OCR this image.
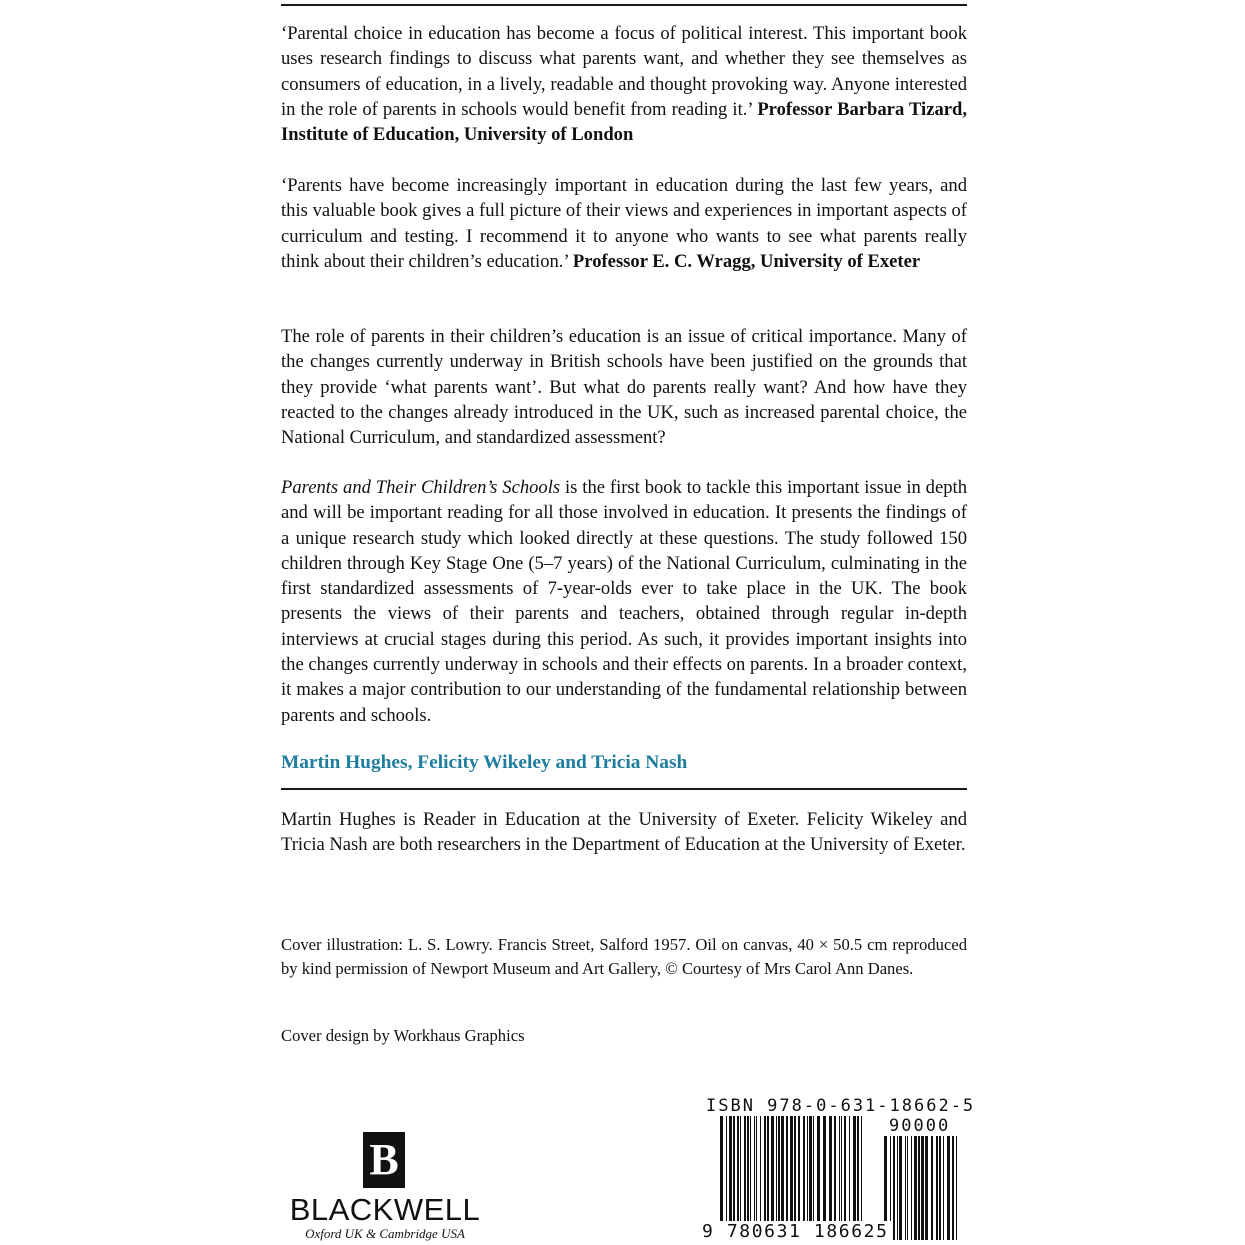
‘Parental choice in education has become a focus of political interest. This important book uses research findings to discuss what parents want, and whether they see themselves as consumers of education, in a lively, readable and thought provoking way. Anyone interested in the role of parents in schools would benefit from reading it.’ Professor Barbara Tizard, Institute of Education, University of London

‘Parents have become increasingly important in education during the last few years, and this valuable book gives a full picture of their views and experiences in important aspects of curriculum and testing. I recommend it to anyone who wants to see what parents really think about their children’s education.’ Professor E. C. Wragg, University of Exeter

The role of parents in their children’s education is an issue of critical importance. Many of the changes currently underway in British schools have been justified on the grounds that they provide ‘what parents want’. But what do parents really want? And how have they reacted to the changes already introduced in the UK, such as increased parental choice, the National Curriculum, and standardized assessment?

Parents and Their Children’s Schools is the first book to tackle this important issue in depth and will be important reading for all those involved in education. It presents the findings of a unique research study which looked directly at these questions. The study followed 150 children through Key Stage One (5–7 years) of the National Curriculum, culminating in the first standardized assessments of 7-year-olds ever to take place in the UK. The book presents the views of their parents and teachers, obtained through regular in-depth interviews at crucial stages during this period. As such, it provides important insights into the changes currently underway in schools and their effects on parents. In a broader context, it makes a major contribution to our understanding of the fundamental relationship between parents and schools.

Martin Hughes, Felicity Wikeley and Tricia Nash

Martin Hughes is Reader in Education at the University of Exeter. Felicity Wikeley and Tricia Nash are both researchers in the Department of Education at the University of Exeter.

Cover illustration: L. S. Lowry. Francis Street, Salford 1957. Oil on canvas, 40 × 50.5 cm reproduced by kind permission of Newport Museum and Art Gallery, © Courtesy of Mrs Carol Ann Danes.

Cover design by Workhaus Graphics
B
BLACKWELL
Oxford UK & Cambridge USA
ISBN 978-0-631-18662-5
90000
9 780631 186625
